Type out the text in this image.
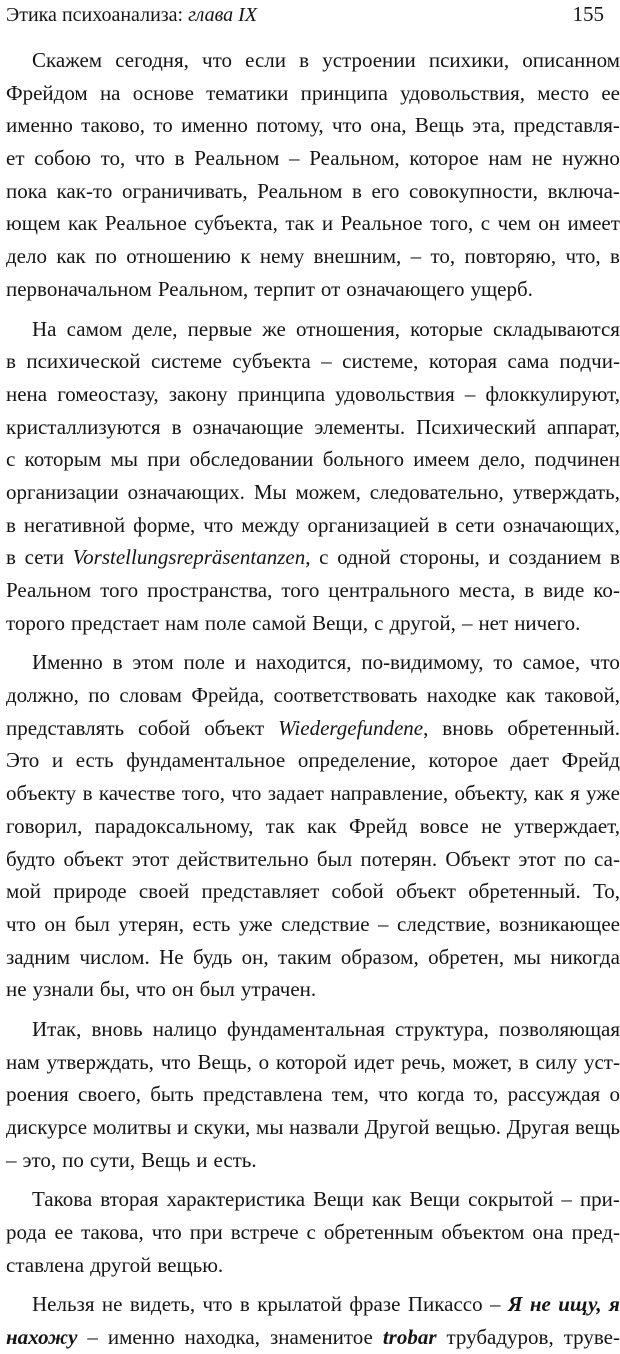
Этика психоанализа: глава IX	155
Скажем сегодня, что если в устроении психики, описанном
Фрейдом на основе тематики принципа удовольствия, место ее
именно таково, то именно потому, что она, Вещь эта, представля-
ет собою то, что в Реальном – Реальном, которое нам не нужно
пока как-то ограничивать, Реальном в его совокупности, включа-
ющем как Реальное субъекта, так и Реальное того, с чем он имеет
дело как по отношению к нему внешним, – то, повторяю, что, в
первоначальном Реальном, терпит от означающего ущерб.
На самом деле, первые же отношения, которые складываются
в психической системе субъекта – системе, которая сама подчи-
нена гомеостазу, закону принципа удовольствия – флоккулируют,
кристаллизуются в означающие элементы. Психический аппарат,
с которым мы при обследовании больного имеем дело, подчинен
организации означающих. Мы можем, следовательно, утверждать,
в негативной форме, что между организацией в сети означающих,
в сети Vorstellungsrepräsentanzen, с одной стороны, и созданием в
Реальном того пространства, того центрального места, в виде ко-
торого предстает нам поле самой Вещи, с другой, – нет ничего.
Именно в этом поле и находится, по-видимому, то самое, что
должно, по словам Фрейда, соответствовать находке как таковой,
представлять собой объект Wiedergefundene, вновь обретенный.
Это и есть фундаментальное определение, которое дает Фрейд
объекту в качестве того, что задает направление, объекту, как я уже
говорил, парадоксальному, так как Фрейд вовсе не утверждает,
будто объект этот действительно был потерян. Объект этот по са-
мой природе своей представляет собой объект обретенный. То,
что он был утерян, есть уже следствие – следствие, возникающее
задним числом. Не будь он, таким образом, обретен, мы никогда
не узнали бы, что он был утрачен.
Итак, вновь налицо фундаментальная структура, позволяющая
нам утверждать, что Вещь, о которой идет речь, может, в силу уст-
роения своего, быть представлена тем, что когда то, рассуждая о
дискурсе молитвы и скуки, мы назвали Другой вещью. Другая вещь
– это, по сути, Вещь и есть.
Такова вторая характеристика Вещи как Вещи сокрытой – при-
рода ее такова, что при встрече с обретенным объектом она пред-
ставлена другой вещью.
Нельзя не видеть, что в крылатой фразе Пикассо – Я не ищу, я
нахожу – именно находка, знаменитое trobar трубадуров, труве-
